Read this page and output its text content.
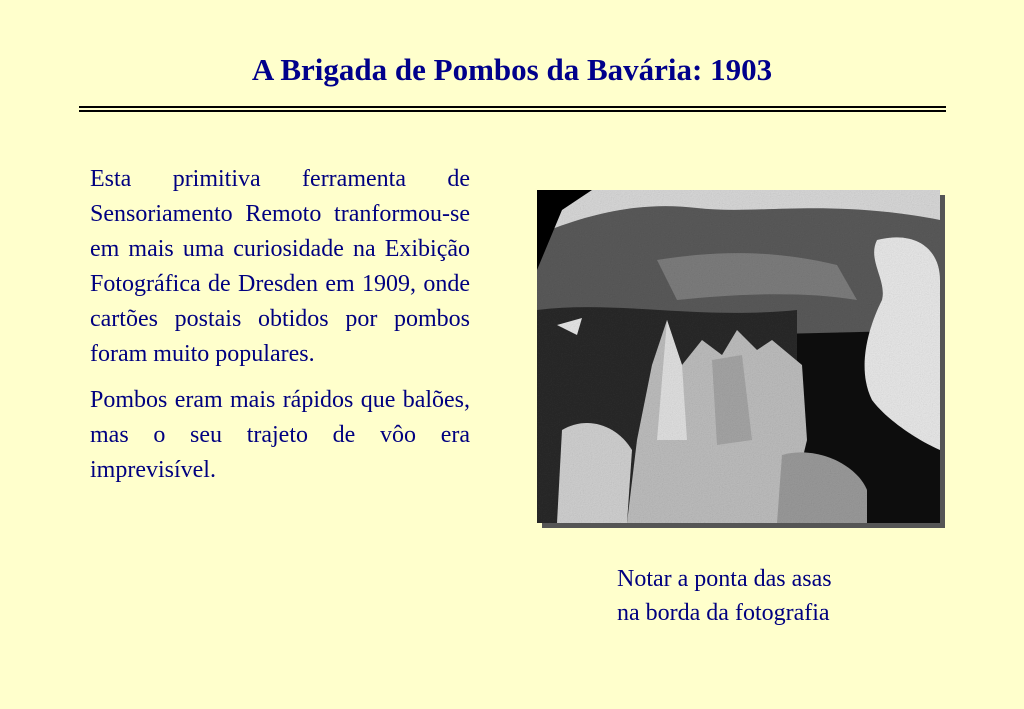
A Brigada de Pombos da Bavária: 1903

Esta primitiva ferramenta de Sensoriamento Remoto tranformou-se em mais uma curiosidade na Exibição Fotográfica de Dresden em 1909, onde cartões postais obtidos por pombos foram muito populares.

Pombos eram mais rápidos que balões, mas o seu trajeto de vôo era imprevisível.

Notar a ponta das asas
na borda da fotografia
